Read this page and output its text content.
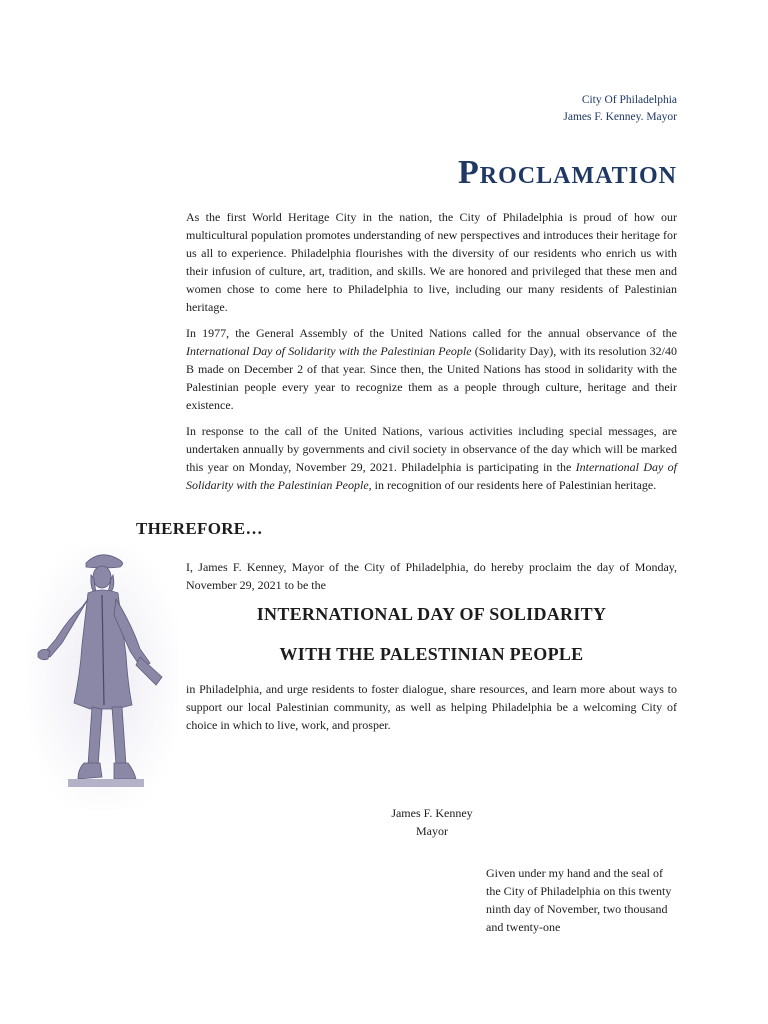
City Of Philadelphia
James F. Kenney. Mayor
Proclamation

As the first World Heritage City in the nation, the City of Philadelphia is proud of how our multicultural population promotes understanding of new perspectives and introduces their heritage for us all to experience. Philadelphia flourishes with the diversity of our residents who enrich us with their infusion of culture, art, tradition, and skills. We are honored and privileged that these men and women chose to come here to Philadelphia to live, including our many residents of Palestinian heritage.

In 1977, the General Assembly of the United Nations called for the annual observance of the International Day of Solidarity with the Palestinian People (Solidarity Day), with its resolution 32/40 B made on December 2 of that year. Since then, the United Nations has stood in solidarity with the Palestinian people every year to recognize them as a people through culture, heritage and their existence.

In response to the call of the United Nations, various activities including special messages, are undertaken annually by governments and civil society in observance of the day which will be marked this year on Monday, November 29, 2021. Philadelphia is participating in the International Day of Solidarity with the Palestinian People, in recognition of our residents here of Palestinian heritage.

THEREFORE…

I, James F. Kenney, Mayor of the City of Philadelphia, do hereby proclaim the day of Monday, November 29, 2021 to be the

INTERNATIONAL DAY OF SOLIDARITY
WITH THE PALESTINIAN PEOPLE

in Philadelphia, and urge residents to foster dialogue, share resources, and learn more about ways to support our local Palestinian community, as well as helping Philadelphia be a welcoming City of choice in which to live, work, and prosper.

James F. Kenney
Mayor
Given under my hand and the seal of
the City of Philadelphia on this twenty
ninth day of November, two thousand
and twenty-one
